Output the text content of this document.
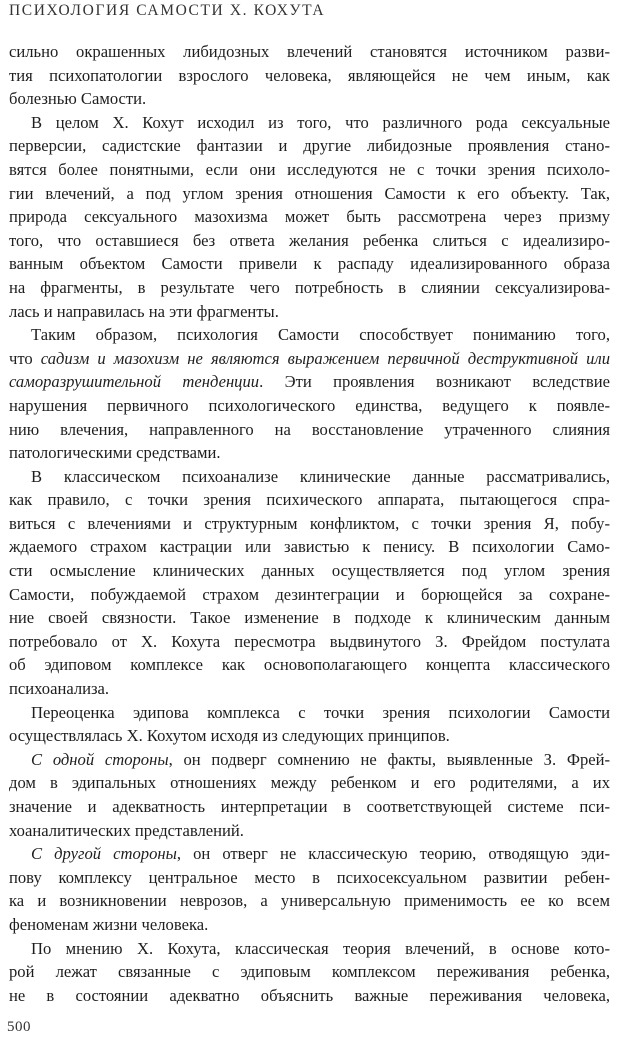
ПСИХОЛОГИЯ САМОСТИ Х. КОХУТА
сильно окрашенных либидозных влечений становятся источником разви-
тия психопатологии взрослого человека, являющейся не чем иным, как
болезнью Самости.
В целом Х. Кохут исходил из того, что различного рода сексуальные
перверсии, садистские фантазии и другие либидозные проявления стано-
вятся более понятными, если они исследуются не с точки зрения психоло-
гии влечений, а под углом зрения отношения Самости к его объекту. Так,
природа сексуального мазохизма может быть рассмотрена через призму
того, что оставшиеся без ответа желания ребенка слиться с идеализиро-
ванным объектом Самости привели к распаду идеализированного образа
на фрагменты, в результате чего потребность в слиянии сексуализирова-
лась и направилась на эти фрагменты.
Таким образом, психология Самости способствует пониманию того,
что садизм и мазохизм не являются выражением первичной деструктивной или
саморазрушительной тенденции. Эти проявления возникают вследствие
нарушения первичного психологического единства, ведущего к появле-
нию влечения, направленного на восстановление утраченного слияния
патологическими средствами.
В классическом психоанализе клинические данные рассматривались,
как правило, с точки зрения психического аппарата, пытающегося спра-
виться с влечениями и структурным конфликтом, с точки зрения Я, побу-
ждаемого страхом кастрации или завистью к пенису. В психологии Само-
сти осмысление клинических данных осуществляется под углом зрения
Самости, побуждаемой страхом дезинтеграции и борющейся за сохране-
ние своей связности. Такое изменение в подходе к клиническим данным
потребовало от Х. Кохута пересмотра выдвинутого З. Фрейдом постулата
об эдиповом комплексе как основополагающего концепта классического
психоанализа.
Переоценка эдипова комплекса с точки зрения психологии Самости
осуществлялась Х. Кохутом исходя из следующих принципов.
С одной стороны, он подверг сомнению не факты, выявленные З. Фрей-
дом в эдипальных отношениях между ребенком и его родителями, а их
значение и адекватность интерпретации в соответствующей системе пси-
хоаналитических представлений.
С другой стороны, он отверг не классическую теорию, отводящую эди-
пову комплексу центральное место в психосексуальном развитии ребен-
ка и возникновении неврозов, а универсальную применимость ее ко всем
феноменам жизни человека.
По мнению Х. Кохута, классическая теория влечений, в основе кото-
рой лежат связанные с эдиповым комплексом переживания ребенка,
не в состоянии адекватно объяснить важные переживания человека,
500
